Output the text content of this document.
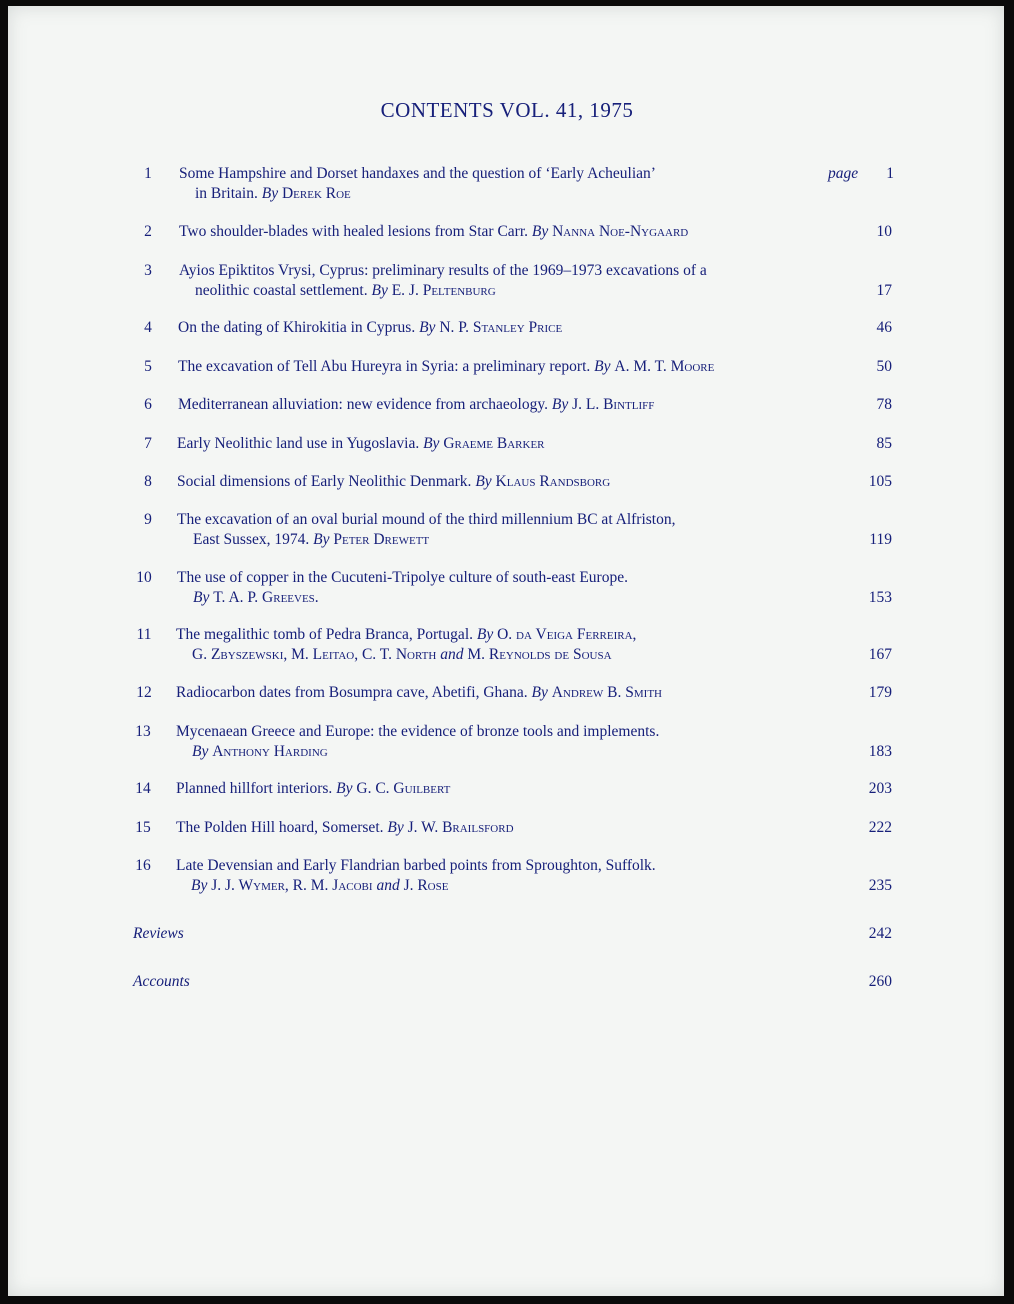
CONTENTS VOL. 41, 1975
1	Some Hampshire and Dorset handaxes and the question of ‘Early Acheulian’	page 1
in Britain. By Derek Roe
2	Two shoulder-blades with healed lesions from Star Carr. By Nanna Noe-Nygaard	10
3	Ayios Epiktitos Vrysi, Cyprus: preliminary results of the 1969–1973 excavations of a
neolithic coastal settlement. By E. J. Peltenburg	17
4	On the dating of Khirokitia in Cyprus. By N. P. Stanley Price	46
5	The excavation of Tell Abu Hureyra in Syria: a preliminary report. By A. M. T. Moore	50
6	Mediterranean alluviation: new evidence from archaeology. By J. L. Bintliff	78
7	Early Neolithic land use in Yugoslavia. By Graeme Barker	85
8	Social dimensions of Early Neolithic Denmark. By Klaus Randsborg	105
9	The excavation of an oval burial mound of the third millennium BC at Alfriston,
East Sussex, 1974. By Peter Drewett	119
10	The use of copper in the Cucuteni-Tripolye culture of south-east Europe.
By T. A. P. Greeves.	153
11	The megalithic tomb of Pedra Branca, Portugal. By O. da Veiga Ferreira,
G. Zbyszewski, M. Leitao, C. T. North and M. Reynolds de Sousa	167
12	Radiocarbon dates from Bosumpra cave, Abetifi, Ghana. By Andrew B. Smith	179
13	Mycenaean Greece and Europe: the evidence of bronze tools and implements.
By Anthony Harding	183
14	Planned hillfort interiors. By G. C. Guilbert	203
15	The Polden Hill hoard, Somerset. By J. W. Brailsford	222
16	Late Devensian and Early Flandrian barbed points from Sproughton, Suffolk.
By J. J. Wymer, R. M. Jacobi and J. Rose	235
Reviews	242
Accounts	260
